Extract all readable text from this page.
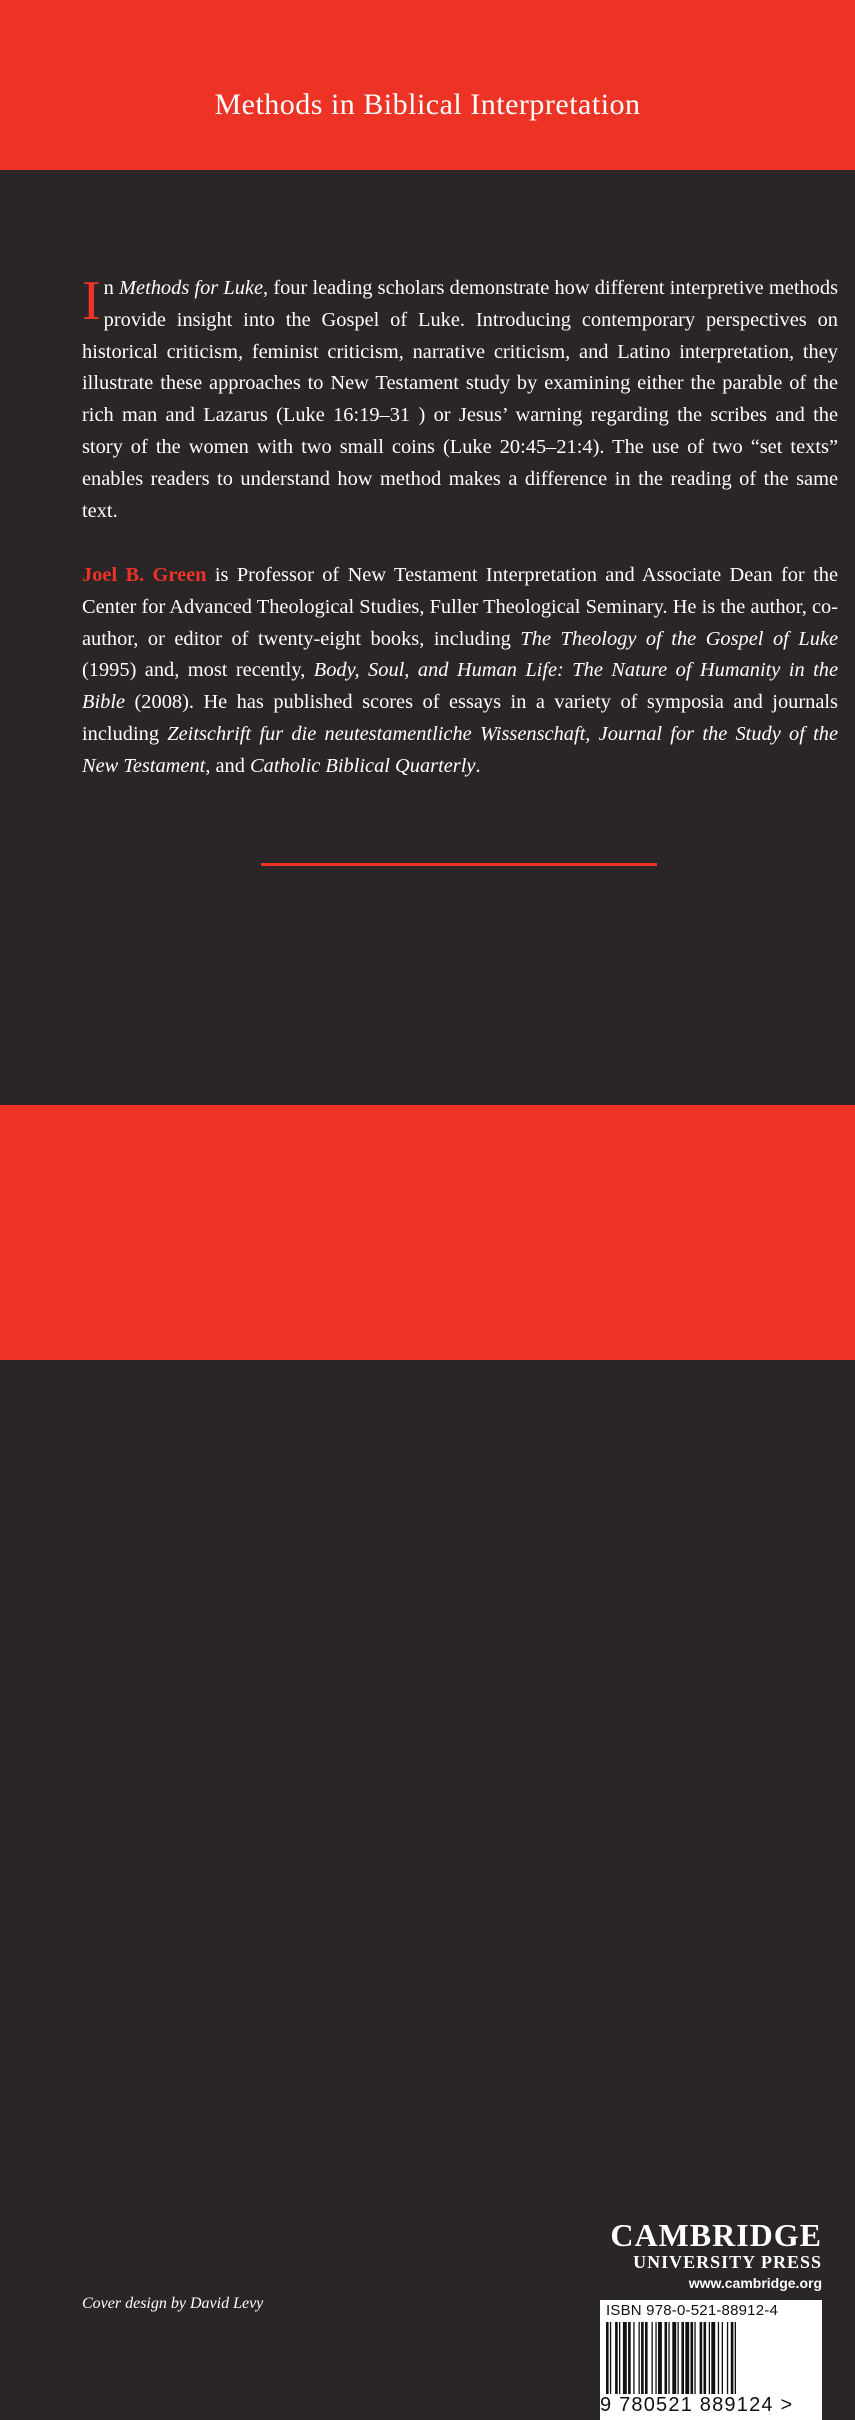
Methods in Biblical Interpretation

In Methods for Luke, four leading scholars demonstrate how different interpretive methods provide insight into the Gospel of Luke. Introducing contemporary perspectives on historical criticism, feminist criticism, narrative criticism, and Latino interpretation, they illustrate these approaches to New Testament study by examining either the parable of the rich man and Lazarus (Luke 16:19–31 ) or Jesus’ warning regarding the scribes and the story of the women with two small coins (Luke 20:45–21:4). The use of two “set texts” enables readers to understand how method makes a difference in the reading of the same text.

Joel B. Green is Professor of New Testament Interpretation and Associate Dean for the Center for Advanced Theological Studies, Fuller Theological Seminary. He is the author, co-author, or editor of twenty-eight books, including The Theology of the Gospel of Luke (1995) and, most recently, Body, Soul, and Human Life: The Nature of Humanity in the Bible (2008). He has published scores of essays in a variety of symposia and journals including Zeitschrift fur die neutestamentliche Wissenschaft, Journal for the Study of the New Testament, and Catholic Biblical Quarterly.

Cover design by David Levy
CAMBRIDGE
UNIVERSITY PRESS
www.cambridge.org
ISBN 978-0-521-88912-4
9 780521 889124 >
